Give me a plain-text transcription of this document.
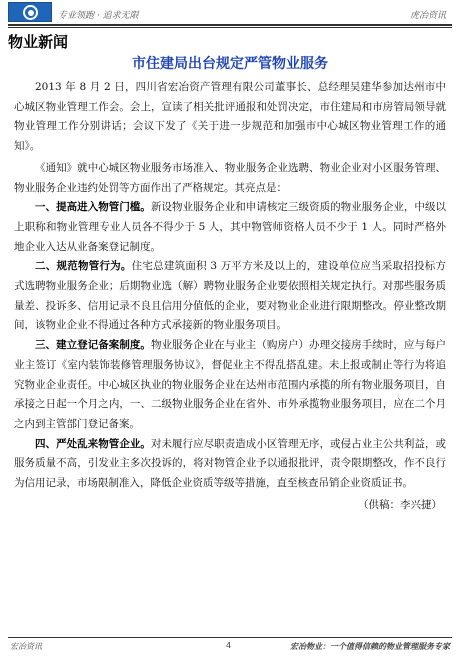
专业领跑 · 追求无限	虎冶资讯
物业新闻
市住建局出台规定严管物业服务

2013 年 8 月 2 日，四川省宏冶资产管理有限公司董事长、总经理吴建华参加达州市中心城区物业管理工作会。会上，宣读了相关批评通报和处罚决定，市住建局和市房管局领导就物业管理工作分别讲话；会议下发了《关于进一步规范和加强市中心城区物业管理工作的通知》。

《通知》就中心城区物业服务市场准入、物业服务企业选聘、物业企业对小区服务管理、物业服务企业违约处罚等方面作出了严格规定。其亮点是：

一、提高进入物管门槛。新设物业服务企业和申请核定三级资质的物业服务企业，中级以上职称和物业管理专业人员各不得少于 5 人，其中物管师资格人员不少于 1 人。同时严格外地企业入达从业备案登记制度。

二、规范物管行为。住宅总建筑面积 3 万平方米及以上的，建设单位应当采取招投标方式选聘物业服务企业；后期物业选（解）聘物业服务企业要依照相关规定执行。对那些服务质量差、投诉多、信用记录不良且信用分值低的企业，要对物业企业进行限期整改。停业整改期间，该物业企业不得通过各种方式承接新的物业服务项目。

三、建立登记备案制度。物业服务企业在与业主（购房户）办理交接房手续时，应与每户业主签订《室内装饰装修管理服务协议》，督促业主不得乱搭乱建。未上报或制止等行为将追究物业企业责任。中心城区执业的物业服务企业在达州市范围内承揽的所有物业服务项目，自承接之日起一个月之内，一、二级物业服务企业在省外、市外承揽物业服务项目，应在二个月之内到主管部门登记备案。

四、严处乱来物管企业。对未履行应尽职责造成小区管理无序，或侵占业主公共利益，或服务质量不高，引发业主多次投诉的，将对物管企业予以通报批评，责令限期整改，作不良行为信用记录，市场限制准入，降低企业资质等级等措施，直至核查吊销企业资质证书。

（供稿：李兴捷）
宏冶资讯	4	宏冶物业：一个值得信赖的物业管理服务专家
